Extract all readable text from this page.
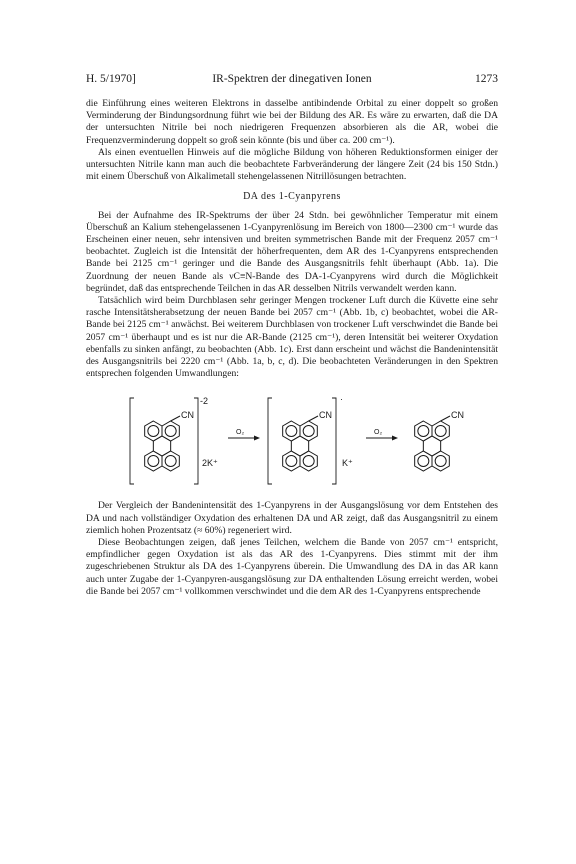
H. 5/1970]	IR-Spektren der dinegativen Ionen	1273

die Einführung eines weiteren Elektrons in dasselbe antibindende Orbital zu einer doppelt so großen Verminderung der Bindungsordnung führt wie bei der Bildung des AR. Es wäre zu erwarten, daß die DA der untersuchten Nitrile bei noch niedrigeren Frequenzen absorbieren als die AR, wobei die Frequenzverminderung doppelt so groß sein könnte (bis und über ca. 200 cm⁻¹).

Als einen eventuellen Hinweis auf die mögliche Bildung von höheren Reduktionsformen einiger der untersuchten Nitrile kann man auch die beobachtete Farbveränderung der längere Zeit (24 bis 150 Stdn.) mit einem Überschuß von Alkalimetall stehengelassenen Nitrillösungen betrachten.

DA des 1-Cyanpyrens

Bei der Aufnahme des IR-Spektrums der über 24 Stdn. bei gewöhnlicher Temperatur mit einem Überschuß an Kalium stehengelassenen 1-Cyanpyrenlösung im Bereich von 1800—2300 cm⁻¹ wurde das Erscheinen einer neuen, sehr intensiven und breiten symmetrischen Bande mit der Frequenz 2057 cm⁻¹ beobachtet. Zugleich ist die Intensität der höherfrequenten, dem AR des 1-Cyanpyrens entsprechenden Bande bei 2125 cm⁻¹ geringer und die Bande des Ausgangsnitrils fehlt überhaupt (Abb. 1a). Die Zuordnung der neuen Bande als νC≡N-Bande des DA-1-Cyanpyrens wird durch die Möglichkeit begründet, daß das entsprechende Teilchen in das AR desselben Nitrils verwandelt werden kann.

Tatsächlich wird beim Durchblasen sehr geringer Mengen trockener Luft durch die Küvette eine sehr rasche Intensitätsherabsetzung der neuen Bande bei 2057 cm⁻¹ (Abb. 1b, c) beobachtet, wobei die AR-Bande bei 2125 cm⁻¹ anwächst. Bei weiterem Durchblasen von trockener Luft verschwindet die Bande bei 2057 cm⁻¹ überhaupt und es ist nur die AR-Bande (2125 cm⁻¹), deren Intensität bei weiterer Oxydation ebenfalls zu sinken anfängt, zu beobachten (Abb. 1c). Erst dann erscheint und wächst die Bandenintensität des Ausgangsnitrils bei 2220 cm⁻¹ (Abb. 1a, b, c, d). Die beobachteten Veränderungen in den Spektren entsprechen folgenden Umwandlungen:

CN
-2
2K⁺
O₂
CN
·
K⁺
O₂
CN

Der Vergleich der Bandenintensität des 1-Cyanpyrens in der Ausgangslösung vor dem Entstehen des DA und nach vollständiger Oxydation des erhaltenen DA und AR zeigt, daß das Ausgangsnitril zu einem ziemlich hohen Prozentsatz (≈ 60%) regeneriert wird.

Diese Beobachtungen zeigen, daß jenes Teilchen, welchem die Bande von 2057 cm⁻¹ entspricht, empfindlicher gegen Oxydation ist als das AR des 1-Cyanpyrens. Dies stimmt mit der ihm zugeschriebenen Struktur als DA des 1-Cyanpyrens überein. Die Umwandlung des DA in das AR kann auch unter Zugabe der 1-Cyanpyren-ausgangslösung zur DA enthaltenden Lösung erreicht werden, wobei die Bande bei 2057 cm⁻¹ vollkommen verschwindet und die dem AR des 1-Cyanpyrens entsprechende
